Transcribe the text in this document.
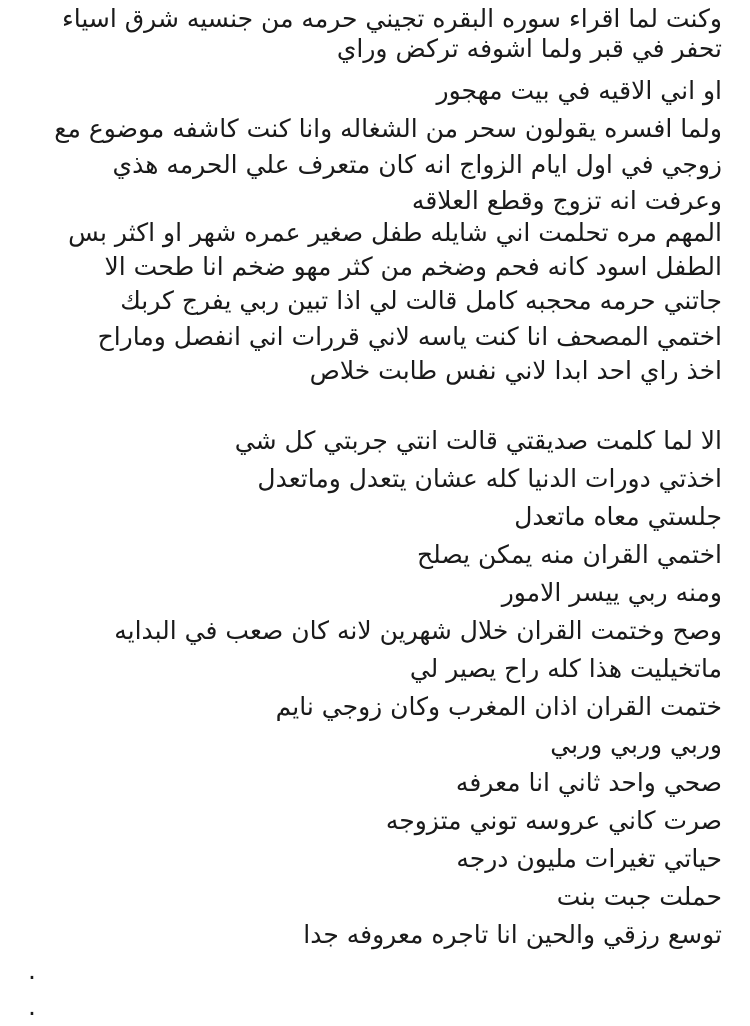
وكنت لما اقراء سوره البقره تجيني حرمه من جنسيه شرق اسياء
تحفر في قبر ولما اشوفه تركض وراي
او اني الاقيه في بيت مهجور
ولما افسره يقولون سحر من الشغاله وانا كنت كاشفه موضوع مع
زوجي في اول ايام الزواج انه كان متعرف علي الحرمه هذي
وعرفت انه تزوج وقطع العلاقه
المهم مره تحلمت اني شايله طفل صغير عمره شهر او اكثر بس
الطفل اسود كانه فحم وضخم من كثر مهو ضخم انا طحت الا
جاتني حرمه محجبه كامل قالت لي اذا تبين ربي يفرج كربك
اختمي المصحف انا كنت ياسه لاني قررات اني انفصل وماراح
اخذ راي احد ابدا لاني نفس طابت خلاص
الا لما كلمت صديقتي قالت انتي جربتي كل شي
اخذتي دورات الدنيا كله عشان يتعدل وماتعدل
جلستي معاه ماتعدل
اختمي القران منه يمكن يصلح
ومنه ربي ييسر الامور
وصح وختمت القران خلال شهرين لانه كان صعب في البدايه
ماتخيليت هذا كله راح يصير لي
ختمت القران اذان المغرب وكان زوجي نايم
وربي وربي وربي
صحي واحد ثاني انا معرفه
صرت كاني عروسه توني متزوجه
حياتي تغيرات مليون درجه
حملت جبت بنت
توسع رزقي والحين انا تاجره معروفه جدا
.
.
